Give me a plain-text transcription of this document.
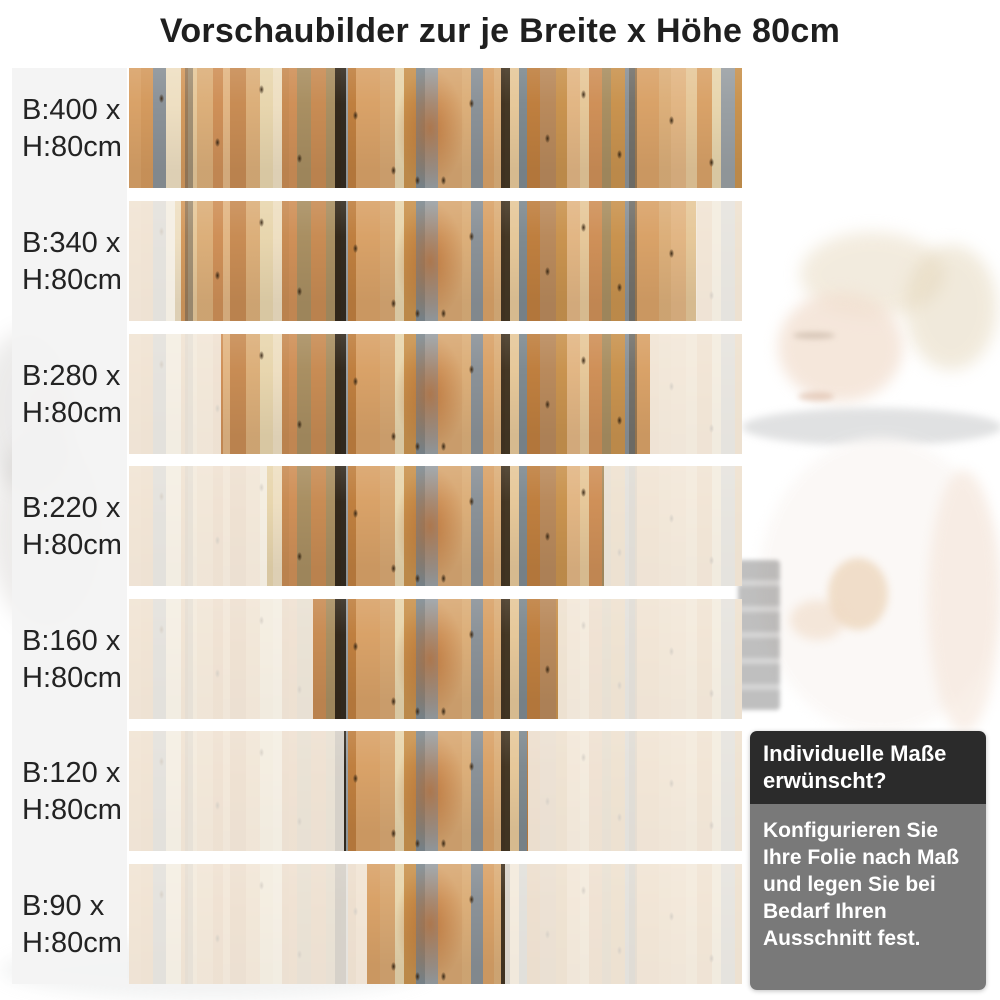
Vorschaubilder zur je Breite x Höhe 80cm
B:400 x
H:80cm
B:340 x
H:80cm
B:280 x
H:80cm
B:220 x
H:80cm
B:160 x
H:80cm
B:120 x
H:80cm
B:90 x
H:80cm
Individuelle Maße erwünscht?
Konfigurieren Sie Ihre Folie nach Maß und legen Sie bei Bedarf Ihren Ausschnitt fest.
